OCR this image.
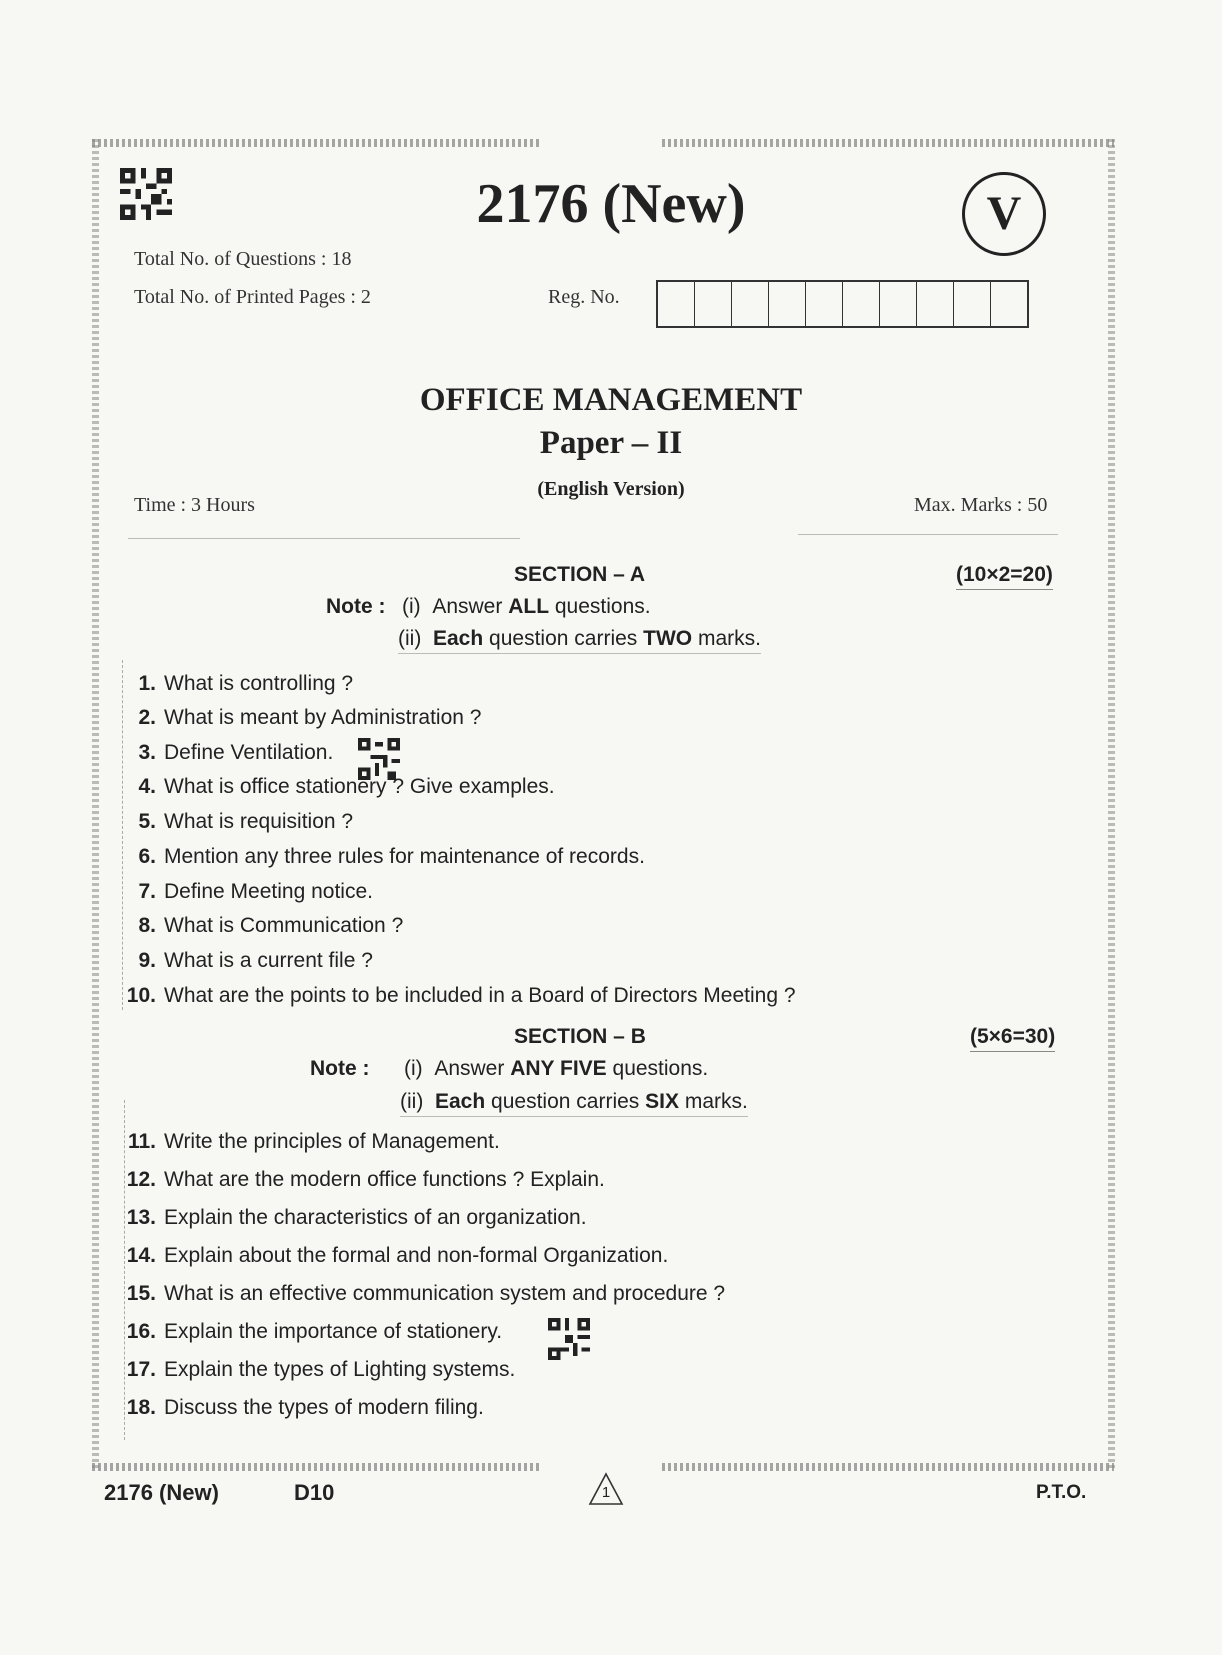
2176 (New)	V
Total No. of Questions : 18
Total No. of Printed Pages : 2	Reg. No.
OFFICE MANAGEMENT
Paper – II
(English Version)
Time : 3 Hours	Max. Marks : 50
SECTION – A	(10×2=20)
Note : (i) Answer ALL questions.
(ii) Each question carries TWO marks.
1. What is controlling ?
2. What is meant by Administration ?
3. Define Ventilation.
4. What is office stationery ? Give examples.
5. What is requisition ?
6. Mention any three rules for maintenance of records.
7. Define Meeting notice.
8. What is Communication ?
9. What is a current file ?
10. What are the points to be included in a Board of Directors Meeting ?
SECTION – B	(5×6=30)
Note : (i) Answer ANY FIVE questions.
(ii) Each question carries SIX marks.
11. Write the principles of Management.
12. What are the modern office functions ? Explain.
13. Explain the characteristics of an organization.
14. Explain about the formal and non-formal Organization.
15. What is an effective communication system and procedure ?
16. Explain the importance of stationery.
17. Explain the types of Lighting systems.
18. Discuss the types of modern filing.
2176 (New)	D10	1	P.T.O.
